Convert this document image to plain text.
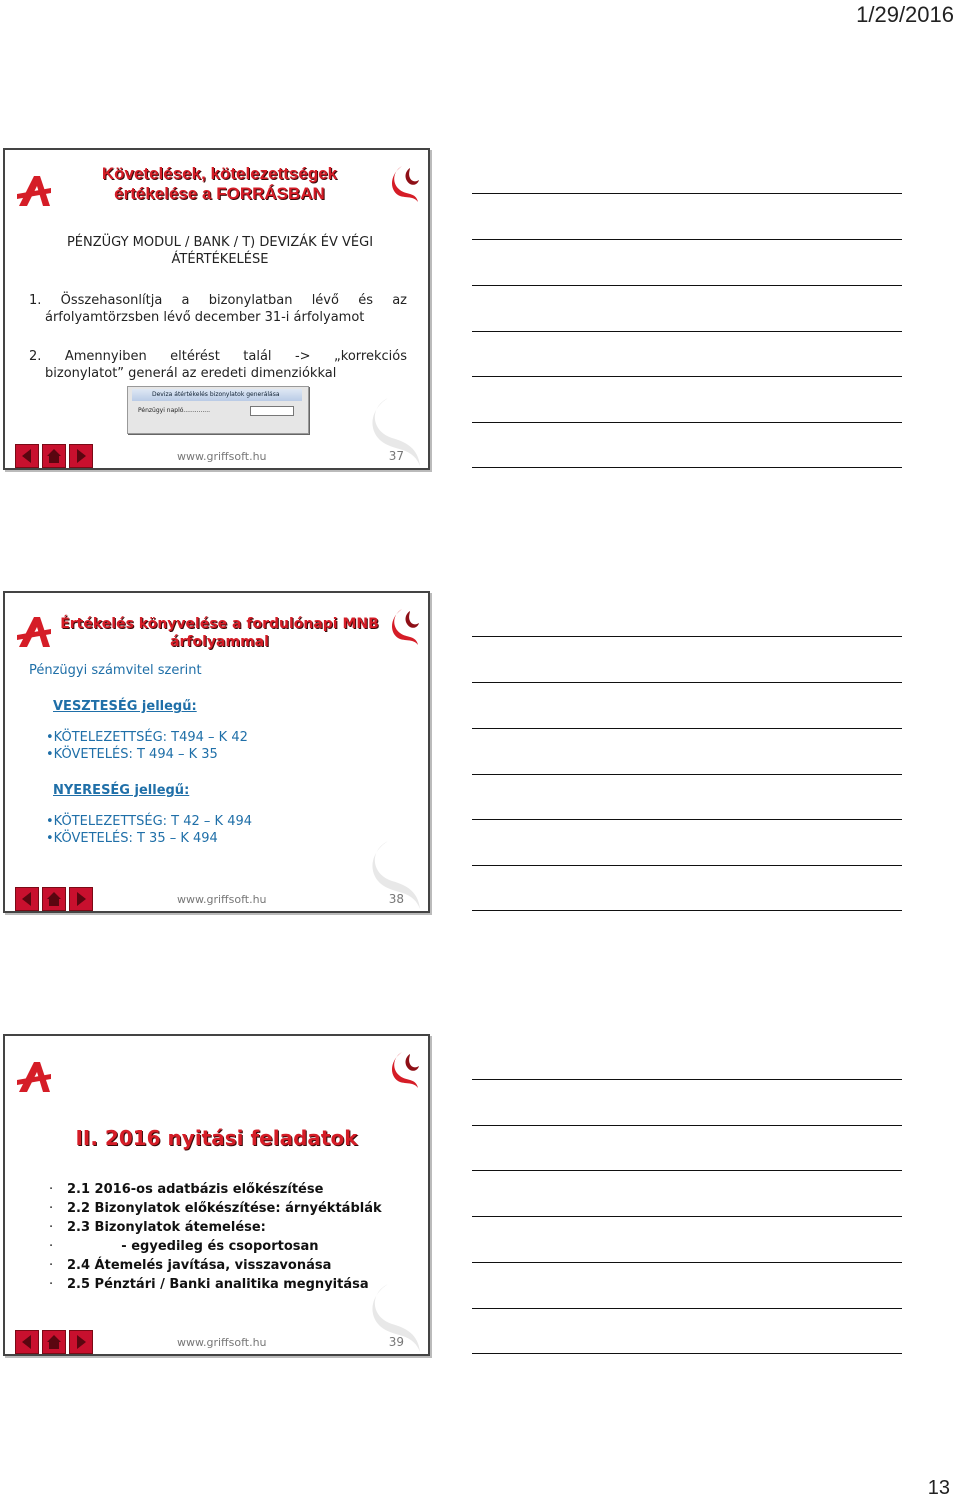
1/29/2016
Követelések, kötelezettségek
értékelése a FORRÁSBAN
PÉNZÜGY MODUL / BANK / T) DEVIZÁK ÉV VÉGI
ÁTÉRTÉKELÉSE
1.   Összehasonlítja   a   bizonylatban   lévő   és   az
árfolyamtörzsben lévő december 31-i árfolyamot
2.   Amennyiben   eltérést   talál   ->   „korrekciós
bizonylatot” generál az eredeti dimenziókkal
Deviza átértékelés bizonylatok generálása
Pénzügyi napló..............
www.griffsoft.hu	37
Értékelés könyvelése a fordulónapi MNB
árfolyammal
Pénzügyi számvitel szerint
VESZTESÉG jellegű:
•KÖTELEZETTSÉG: T494 – K 42
•KÖVETELÉS: T 494 – K 35
NYERESÉG jellegű:
•KÖTELEZETTSÉG: T 42 – K 494
•KÖVETELÉS: T 35 – K 494
www.griffsoft.hu	38
II. 2016 nyitási feladatok
· 2.1 2016-os adatbázis előkészítése
· 2.2 Bizonylatok előkészítése: árnyéktáblák
· 2.3 Bizonylatok átemelése:
·            - egyedileg és csoportosan
· 2.4 Átemelés javítása, visszavonása
· 2.5 Pénztári / Banki analitika megnyitása
www.griffsoft.hu	39
13
